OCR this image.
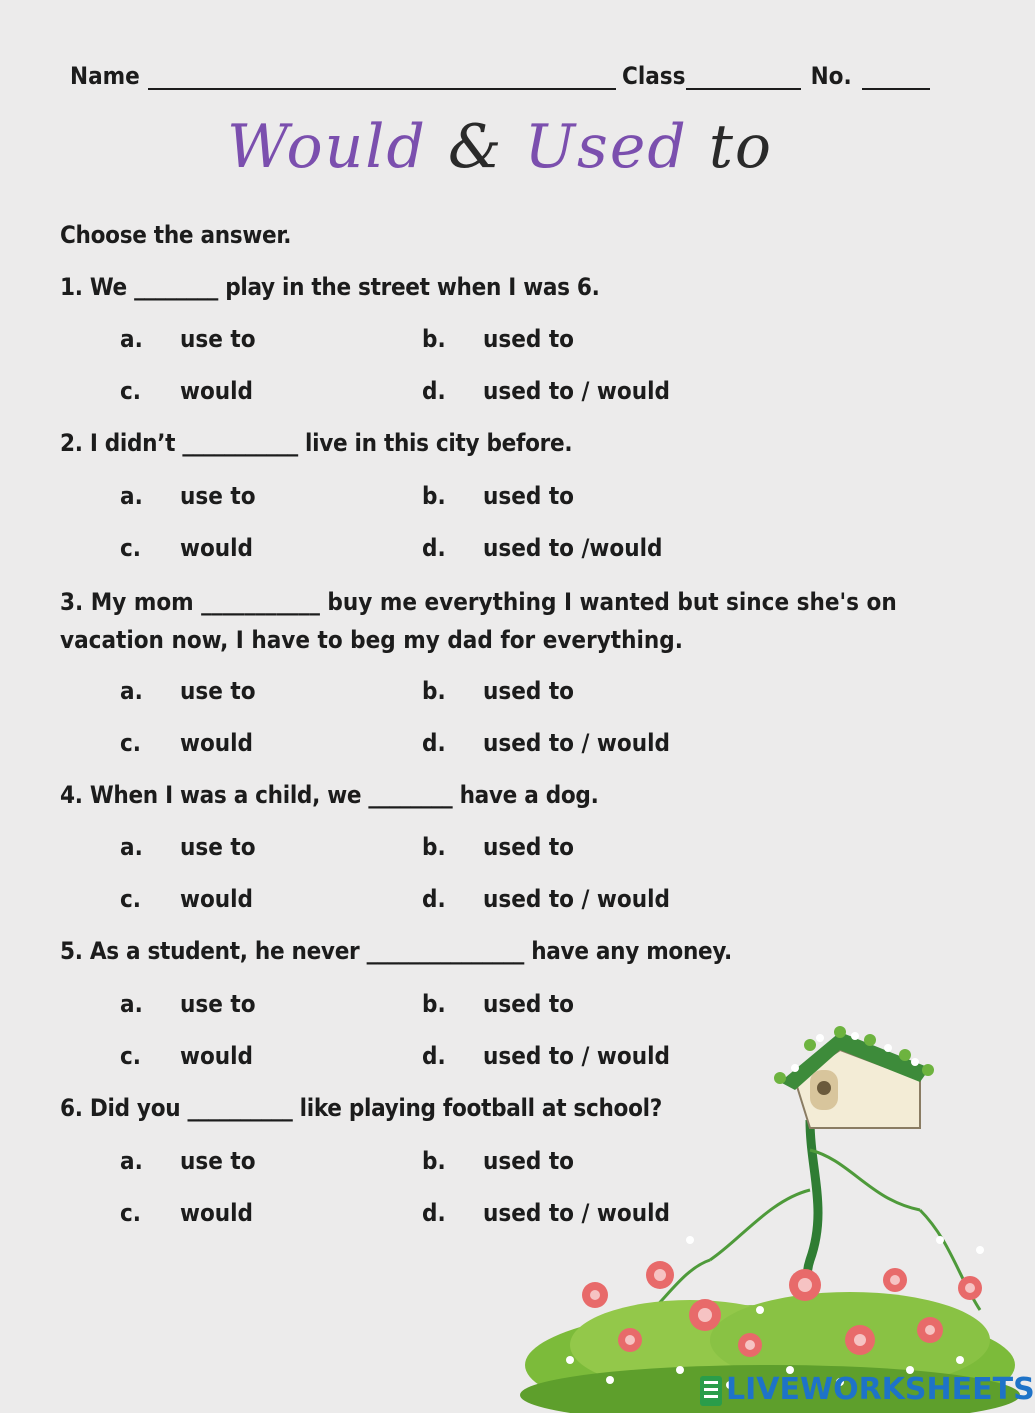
Name	Class	No.
Would & Used to
Choose the answer.
1. We ________ play in the street when I was 6.
a. use to	b. used to
c. would	d. used to / would
2. I didn’t ___________ live in this city before.
a. use to	b. used to
c. would	d. used to /would
3. My mom ___________ buy me everything I wanted but since she's on vacation now, I have to beg my dad for everything.
a. use to	b. used to
c. would	d. used to / would
4. When I was a child, we ________ have a dog.
a. use to	b. used to
c. would	d. used to / would
5. As a student, he never _______________ have any money.
a. use to	b. used to
c. would	d. used to / would
6. Did you __________ like playing football at school?
a. use to	b. used to
c. would	d. used to / would
LIVEWORKSHEETS
